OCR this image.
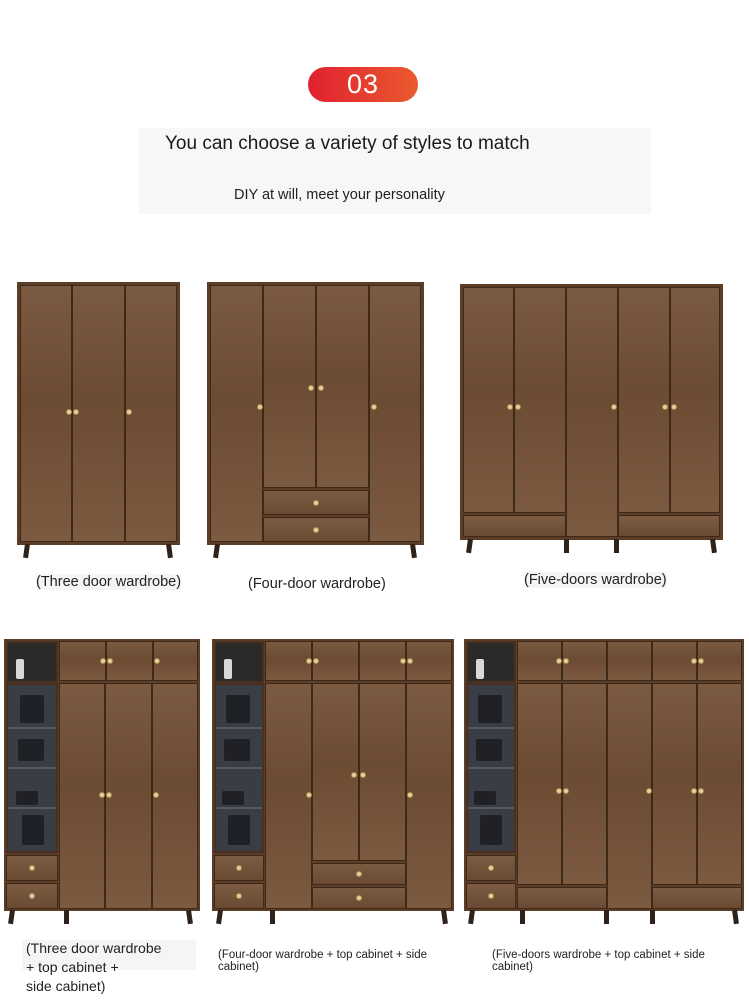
03
You can choose a variety of styles to match
DIY at will, meet your personality
(Three door wardrobe)	(Four-door wardrobe)	(Five-doors wardrobe)
(Three door wardrobe
+ top cabinet +
side cabinet)
(Four-door wardrobe + top cabinet + side
cabinet)
(Five-doors wardrobe + top cabinet + side
cabinet)
